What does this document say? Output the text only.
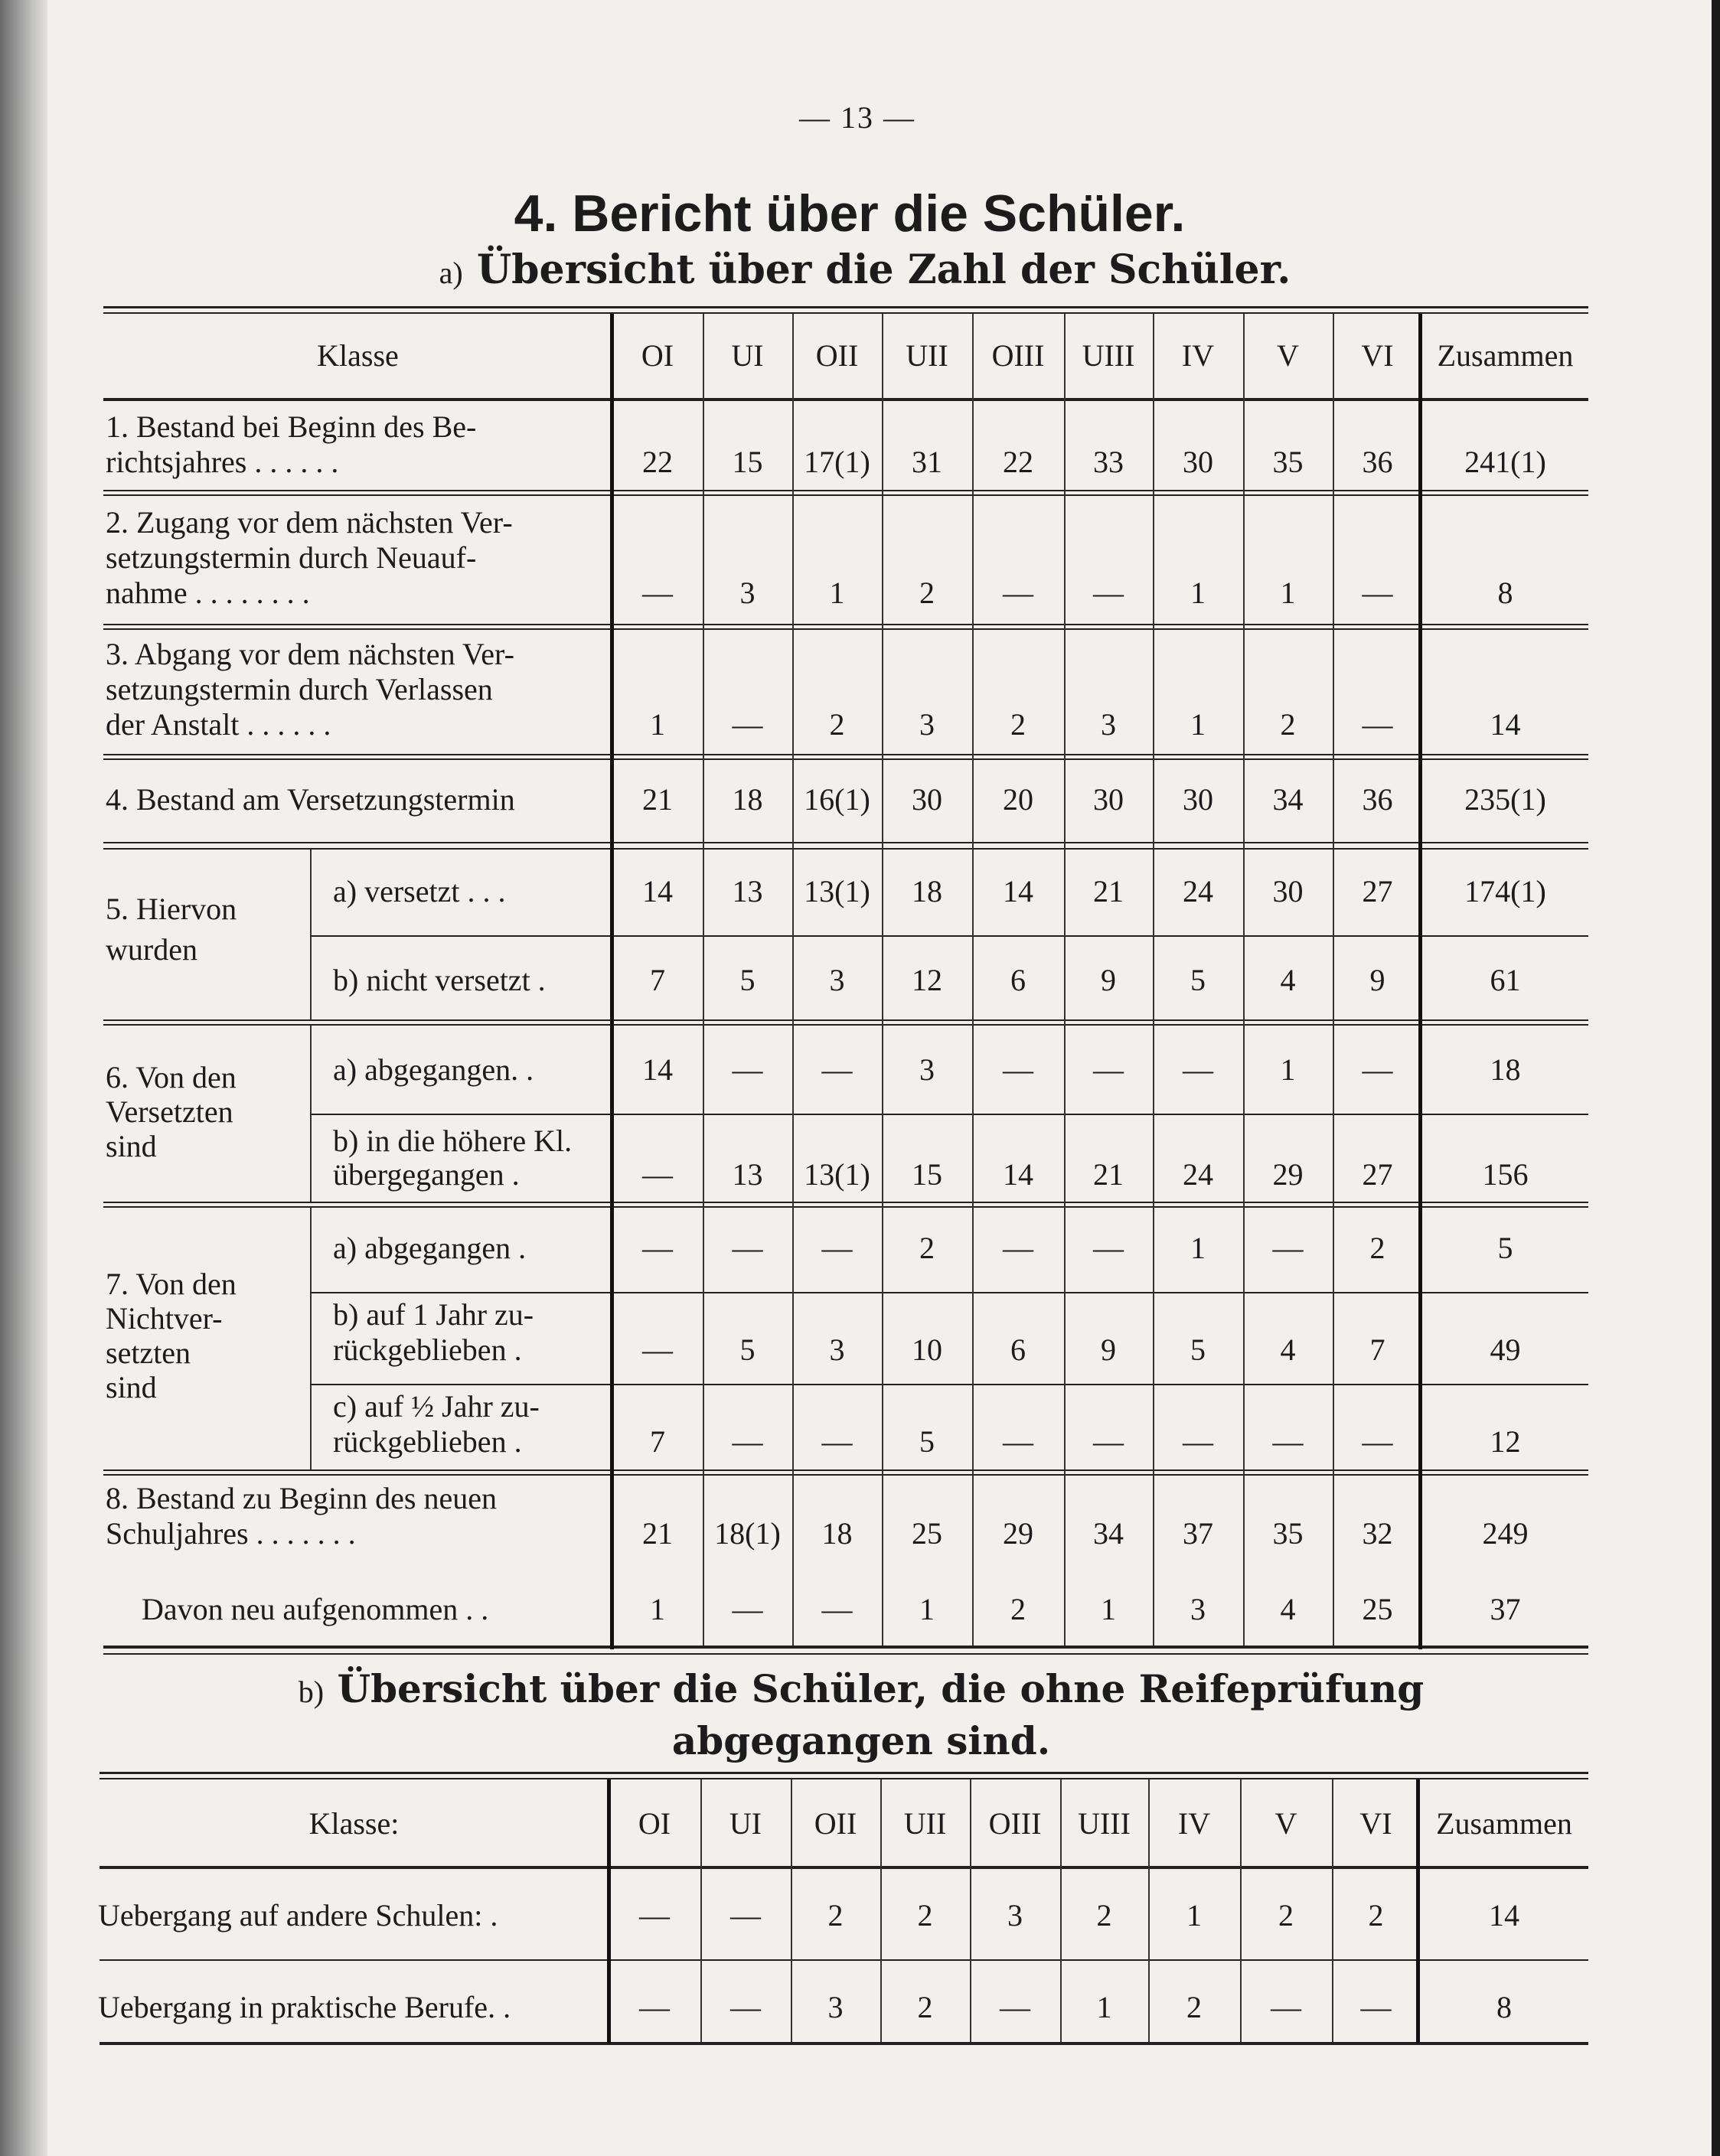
— 13 —
4. Bericht über die Schüler.
a) Übersicht über die Zahl der Schüler.
b) Übersicht über die Schüler, die ohne Reifeprüfung
abgegangen sind.
Klasse	OI	UI	OII	UII	OIII	UIII	IV	V	VI	Zusammen
1. Bestand bei Beginn des Be-
richtsjahres . . . . . .	22	15	17(1)	31	22	33	30	35	36	241(1)
2. Zugang vor dem nächsten Ver-
setzungstermin durch Neuauf-
nahme . . . . . . . .	—	3	1	2	—	—	1	1	—	8
3. Abgang vor dem nächsten Ver-
setzungstermin durch Verlassen
der Anstalt . . . . . .	1	—	2	3	2	3	1	2	—	14
4. Bestand am Versetzungstermin	21	18	16(1)	30	20	30	30	34	36	235(1)
5. Hiervon
wurden
a) versetzt . . .	14	13	13(1)	18	14	21	24	30	27	174(1)
b) nicht versetzt .	7	5	3	12	6	9	5	4	9	61
6. Von den
Versetzten
sind
a) abgegangen. .	14	—	—	3	—	—	—	1	—	18
b) in die höhere Kl.
übergegangen .	—	13	13(1)	15	14	21	24	29	27	156
7. Von den
Nichtver-
setzten
sind
a) abgegangen .	—	—	—	2	—	—	1	—	2	5
b) auf 1 Jahr zu-
rückgeblieben .	—	5	3	10	6	9	5	4	7	49
c) auf ½ Jahr zu-
rückgeblieben .	7	—	—	5	—	—	—	—	—	12
8. Bestand zu Beginn des neuen
Schuljahres . . . . . . .	21	18(1)	18	25	29	34	37	35	32	249
Davon neu aufgenommen . .	1	—	—	1	2	1	3	4	25	37
Klasse:	OI	UI	OII	UII	OIII	UIII	IV	V	VI	Zusammen
Uebergang auf andere Schulen: .	—	—	2	2	3	2	1	2	2	14
Uebergang in praktische Berufe. .	—	—	3	2	—	1	2	—	—	8
